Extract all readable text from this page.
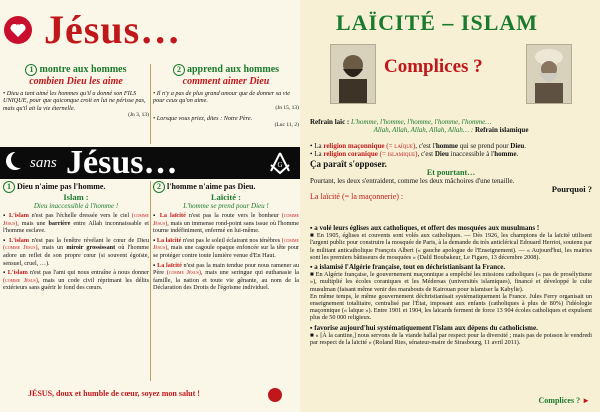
Jésus…
1 montre aux hommes
combien Dieu les aime
• Dieu a tant aimé les hommes qu'il a donné son FILS UNIQUE, pour que quiconque croit en lui ne périsse pas, mais qu'il ait la vie éternelle.
(Jn 3, 13)
2 apprend aux hommes
comment aimer Dieu
• Il n'y a pas de plus grand amour que de donner sa vie pour ceux qu'on aime.
(Jn 15, 13)
• Lorsque vous priez, dites : Notre Père.
(Luc 11, 2)
sans Jésus…	G
1 Dieu n'aime pas l'homme.
Islam :
Dieu inaccessible à l'homme !

▪ L'islam n'est pas l'échelle dressée vers le ciel (comme Jésus), mais une barrière entre Allah inconnaissable et l'homme esclave.

▪ L'islam n'est pas la fenêtre révélant le cœur de Dieu (comme Jésus), mais un miroir grossissant où l'homme adore un reflet de son propre cœur (si souvent égoïste, sensuel, cruel, …).

▪ L'islam n'est pas l'ami qui nous entraîne à nous donner (comme Jésus), mais un code civil réprimant les délits extérieurs sans guérir le fond des cœurs.

2 l'homme n'aime pas Dieu.
Laïcité :
L'homme se prend pour Dieu !

▪ La laïcité n'est pas la route vers le bonheur (comme Jésus), mais un immense rond-point sans issue où l'homme tourne indéfiniment, enfermé en lui-même.

▪ La laïcité n'est pas le soleil éclairant nos ténèbres (comme Jésus), mais une cagoule opaque enfoncée sur la tête pour se protéger contre toute lumière venue d'En Haut.

▪ La laïcité n'est pas la main tendue pour nous ramener au Père (comme Jésus), mais une seringue qui euthanasie la famille, la nation et toute vie gênante, au nom de la Déclaration des Droits de l'égoïsme individuel.

JÉSUS, doux et humble de cœur, soyez mon salut !
LAÏCITÉ – ISLAM
Complices ?
Refrain laïc : L'homme, l'homme, l'homme, l'homme, l'homme…
Allah, Allah, Allah, Allah, Allah… : Refrain islamique
• La religion maçonnique (= laïque), c'est l'homme qui se prend pour Dieu.
• La religion coranique (= islamique), c'est Dieu inaccessible à l'homme.
Ça paraît s'opposer.
Et pourtant…
Pourtant, les deux s'entraident, comme les deux mâchoires d'une tenaille.
Pourquoi ?
La laïcité (= la maçonnerie) :
▪ a volé leurs églises aux catholiques, et offert des mosquées aux musulmans !
■ En 1905, églises et couvents sont volés aux catholiques. — Dès 1926, les champions de la laïcité utilisent l'argent public pour construire la mosquée de Paris, à la demande du très anticlérical Edouard Herriot, soutenu par le militant anticatholique François Albert (« gauche apologue de l'Enseignement). — « Aujourd'hui, les mairies sont les premiers bâtisseurs de mosquées » (Dalil Boubakeur, Le Figaro, 13 décembre 2008).
▪ a islamisé l'Algérie française, tout en déchristianisant la France.
■ En Algérie française, le gouvernement maçonnique a empêché les missions catholiques (« pas de prosélytisme »), multiplié les écoles coraniques et les Médersas (universités islamiques), financé et développé le culte musulman (faisant même venir des marabouts de Kairouan pour islamiser la Kabylie).
En même temps, le même gouvernement déchristianisait systématiquement la France. Jules Ferry organisait un enseignement totalitaire, centralisé par l'État, imposant aux enfants (catholiques à plus de 80%) l'idéologie maçonnique (« laïque »). Entre 1901 et 1904, les laïcards ferment de force 13 904 écoles catholiques et expulsent plus de 50 000 religieux.
▪ favorise aujourd'hui systématiquement l'islam aux dépens du catholicisme.
■ « [À la cantine,] nous servons de la viande hallal par respect pour la diversité ; mais pas de poisson le vendredi par respect de la laïcité » (Roland Ries, sénateur-maire de Strasbourg, 11 avril 2011).
Complices ? ►
